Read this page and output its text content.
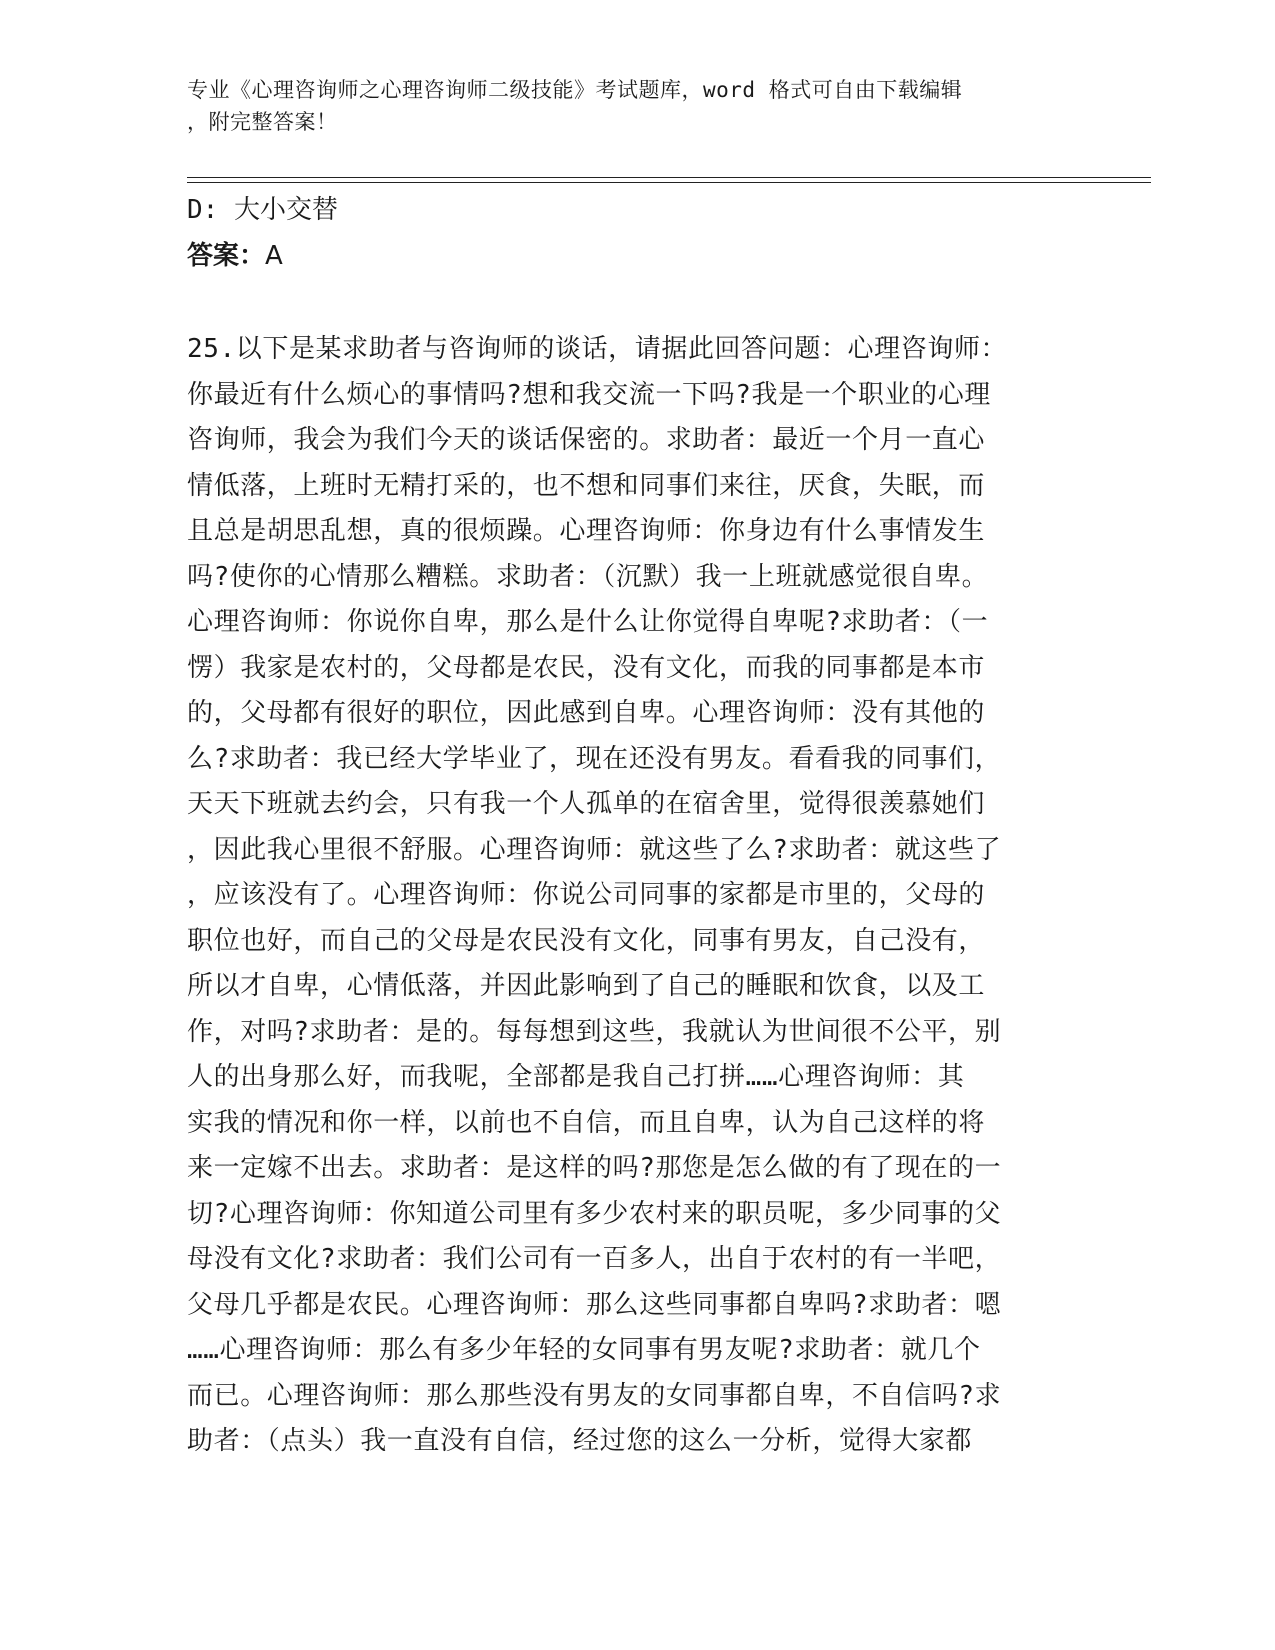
专业《心理咨询师之心理咨询师二级技能》考试题库，word 格式可自由下载编辑
，附完整答案！
D: 大小交替
答案：A
25.以下是某求助者与咨询师的谈话，请据此回答问题：心理咨询师：
你最近有什么烦心的事情吗?想和我交流一下吗?我是一个职业的心理
咨询师，我会为我们今天的谈话保密的。求助者：最近一个月一直心
情低落，上班时无精打采的，也不想和同事们来往，厌食，失眠，而
且总是胡思乱想，真的很烦躁。心理咨询师：你身边有什么事情发生
吗?使你的心情那么糟糕。求助者：（沉默）我一上班就感觉很自卑。
心理咨询师：你说你自卑，那么是什么让你觉得自卑呢?求助者：（一
愣）我家是农村的，父母都是农民，没有文化，而我的同事都是本市
的，父母都有很好的职位，因此感到自卑。心理咨询师：没有其他的
么?求助者：我已经大学毕业了，现在还没有男友。看看我的同事们，
天天下班就去约会，只有我一个人孤单的在宿舍里，觉得很羡慕她们
，因此我心里很不舒服。心理咨询师：就这些了么?求助者：就这些了
，应该没有了。心理咨询师：你说公司同事的家都是市里的，父母的
职位也好，而自己的父母是农民没有文化，同事有男友，自己没有，
所以才自卑，心情低落，并因此影响到了自己的睡眠和饮食，以及工
作，对吗?求助者：是的。每每想到这些，我就认为世间很不公平，别
人的出身那么好，而我呢，全部都是我自己打拼……心理咨询师：其
实我的情况和你一样，以前也不自信，而且自卑，认为自己这样的将
来一定嫁不出去。求助者：是这样的吗?那您是怎么做的有了现在的一
切?心理咨询师：你知道公司里有多少农村来的职员呢，多少同事的父
母没有文化?求助者：我们公司有一百多人，出自于农村的有一半吧，
父母几乎都是农民。心理咨询师：那么这些同事都自卑吗?求助者：嗯
……心理咨询师：那么有多少年轻的女同事有男友呢?求助者：就几个
而已。心理咨询师：那么那些没有男友的女同事都自卑，不自信吗?求
助者：（点头）我一直没有自信，经过您的这么一分析，觉得大家都
